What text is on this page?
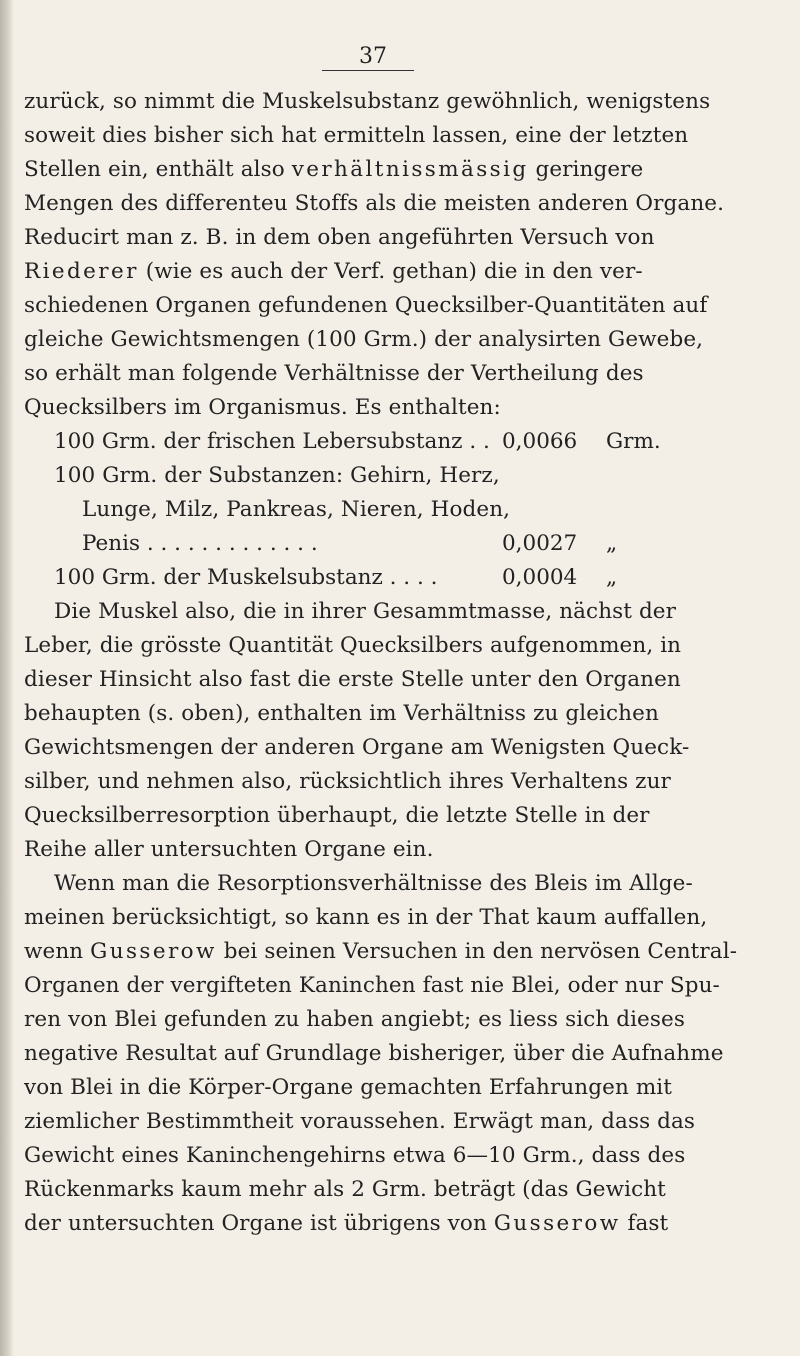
37
zurück, so nimmt die Muskelsubstanz gewöhnlich, wenigstens
soweit dies bisher sich hat ermitteln lassen, eine der letzten
Stellen ein, enthält also verhältnissmässig geringere
Mengen des differenteu Stoffs als die meisten anderen Organe.
Reducirt man z. B. in dem oben angeführten Versuch von
Riederer (wie es auch der Verf. gethan) die in den ver-
schiedenen Organen gefundenen Quecksilber-Quantitäten auf
gleiche Gewichtsmengen (100 Grm.) der analysirten Gewebe,
so erhält man folgende Verhältnisse der Vertheilung des
Quecksilbers im Organismus. Es enthalten:
100 Grm. der frischen Lebersubstanz . . 0,0066 Grm.
100 Grm. der Substanzen: Gehirn, Herz,
Lunge, Milz, Pankreas, Nieren, Hoden,
Penis . . . . . . . . . . . . .	0,0027 „
100 Grm. der Muskelsubstanz . . . .	0,0004 „
Die Muskel also, die in ihrer Gesammtmasse, nächst der
Leber, die grösste Quantität Quecksilbers aufgenommen, in
dieser Hinsicht also fast die erste Stelle unter den Organen
behaupten (s. oben), enthalten im Verhältniss zu gleichen
Gewichtsmengen der anderen Organe am Wenigsten Queck-
silber, und nehmen also, rücksichtlich ihres Verhaltens zur
Quecksilberresorption überhaupt, die letzte Stelle in der
Reihe aller untersuchten Organe ein.
Wenn man die Resorptionsverhältnisse des Bleis im Allge-
meinen berücksichtigt, so kann es in der That kaum auffallen,
wenn Gusserow bei seinen Versuchen in den nervösen Central-
Organen der vergifteten Kaninchen fast nie Blei, oder nur Spu-
ren von Blei gefunden zu haben angiebt; es liess sich dieses
negative Resultat auf Grundlage bisheriger, über die Aufnahme
von Blei in die Körper-Organe gemachten Erfahrungen mit
ziemlicher Bestimmtheit voraussehen. Erwägt man, dass das
Gewicht eines Kaninchengehirns etwa 6—10 Grm., dass des
Rückenmarks kaum mehr als 2 Grm. beträgt (das Gewicht
der untersuchten Organe ist übrigens von Gusserow fast
